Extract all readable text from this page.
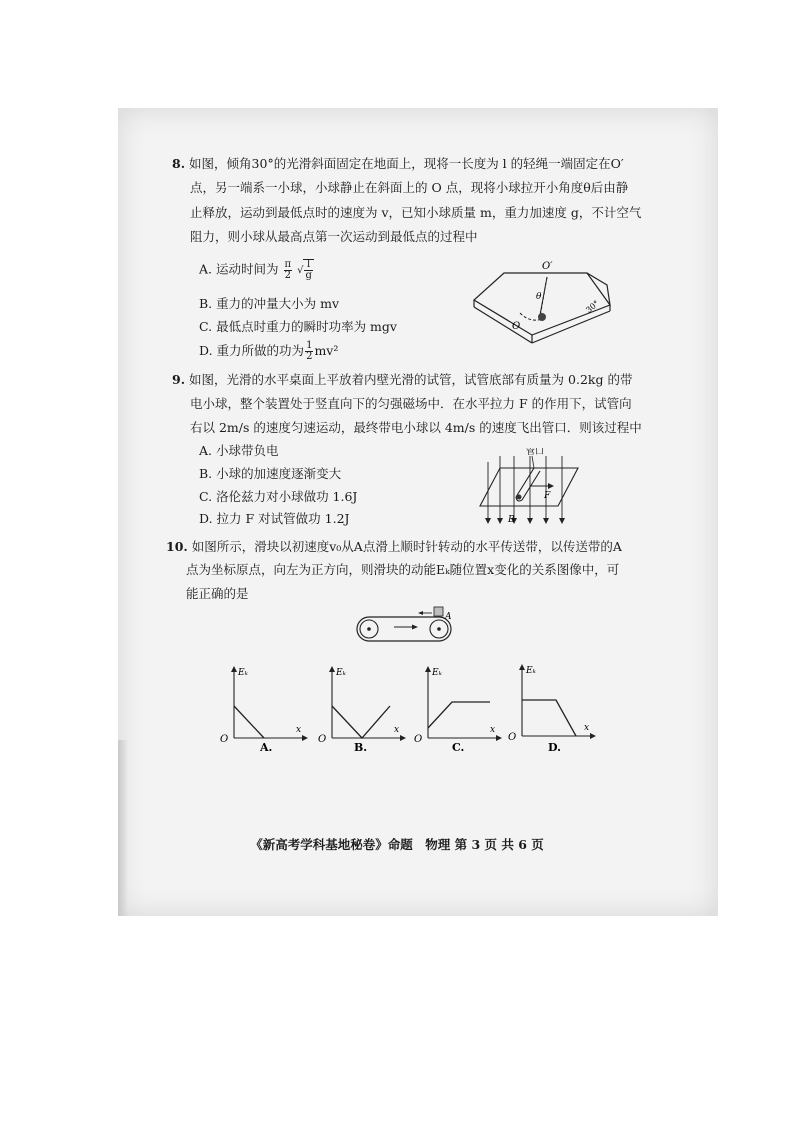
8. 如图，倾角30°的光滑斜面固定在地面上，现将一长度为 l 的轻绳一端固定在O′
点，另一端系一小球，小球静止在斜面上的 O 点，现将小球拉开小角度θ后由静
止释放，运动到最低点时的速度为 v，已知小球质量 m，重力加速度 g，不计空气
阻力，则小球从最高点第一次运动到最低点的过程中
A. 运动时间为 $\frac{\pi}{2}$ √ $\frac{l}{g}$
B. 重力的冲量大小为 mv
C. 最低点时重力的瞬时功率为 mgv
D. 重力所做的功为 $\frac{1}{2} mv^2$
O′
O
θ
30°
9. 如图，光滑的水平桌面上平放着内壁光滑的试管，试管底部有质量为 0.2kg 的带
电小球，整个装置处于竖直向下的匀强磁场中．在水平拉力 F 的作用下，试管向
右以 2m/s 的速度匀速运动，最终带电小球以 4m/s 的速度飞出管口．则该过程中
A. 小球带负电
B. 小球的加速度逐渐变大
C. 洛伦兹力对小球做功 1.6J
D. 拉力 F 对试管做功 1.2J
管口
F
B
10. 如图所示，滑块以初速度v₀从A点滑上顺时针转动的水平传送带，以传送带的A
点为坐标原点，向左为正方向，则滑块的动能Eₖ随位置x变化的关系图像中，可
能正确的是
A
Eₖ
x
O
A.
Eₖ
x
O
B.
Eₖ
x
O
C.
Eₖ
x
O
D.
《新高考学科基地秘卷》命题　物理 第 3 页 共 6 页
